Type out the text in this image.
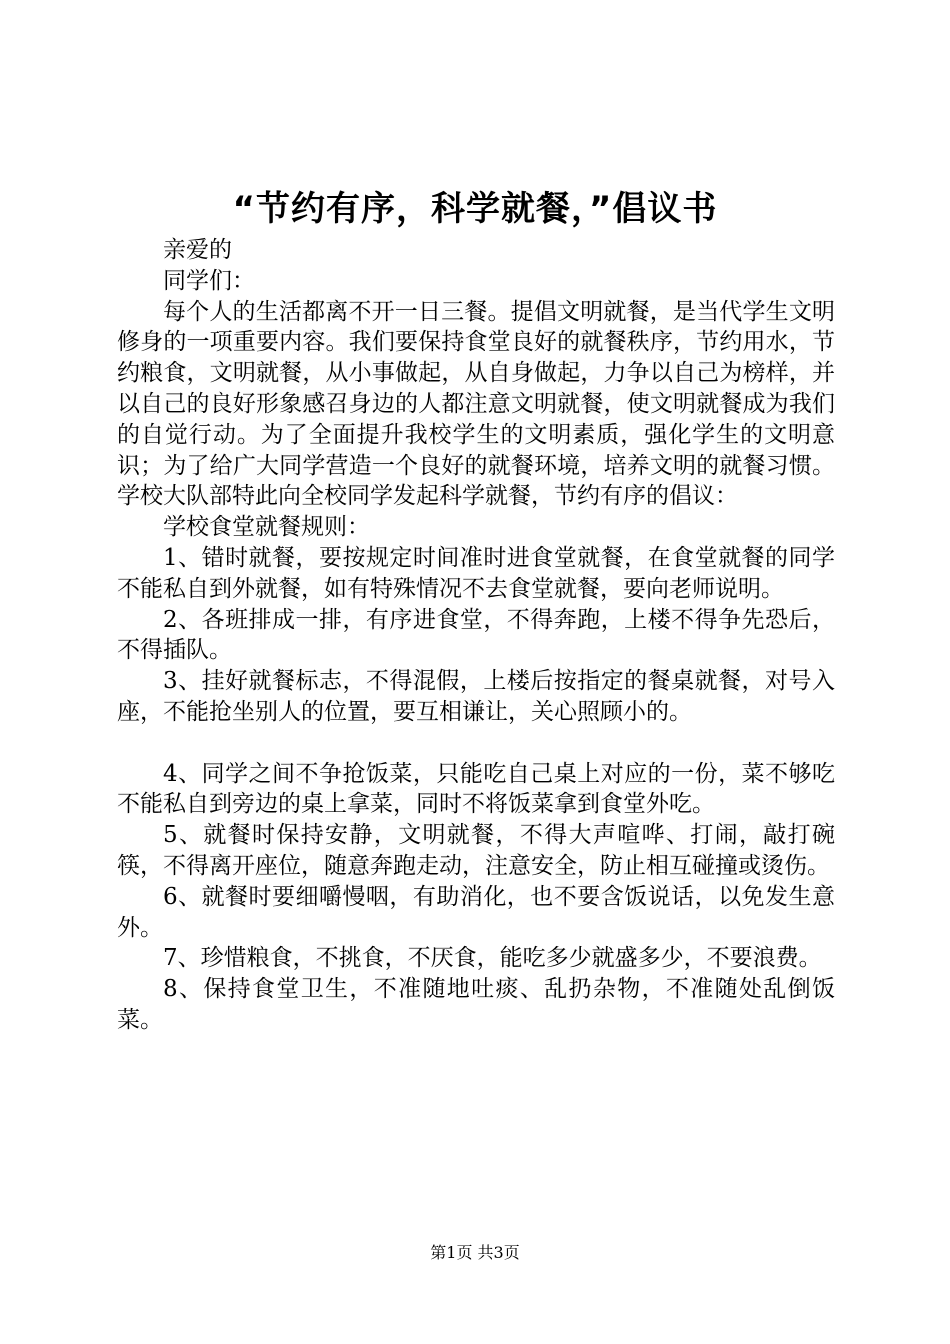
“节约有序，科学就餐，”倡议书

亲爱的

同学们：

每个人的生活都离不开一日三餐。提倡文明就餐，是当代学生文明修身的一项重要内容。我们要保持食堂良好的就餐秩序，节约用水，节约粮食，文明就餐，从小事做起，从自身做起，力争以自己为榜样，并以自己的良好形象感召身边的人都注意文明就餐，使文明就餐成为我们的自觉行动。为了全面提升我校学生的文明素质，强化学生的文明意识；为了给广大同学营造一个良好的就餐环境，培养文明的就餐习惯。学校大队部特此向全校同学发起科学就餐，节约有序的倡议：

学校食堂就餐规则：

1、错时就餐，要按规定时间准时进食堂就餐，在食堂就餐的同学不能私自到外就餐，如有特殊情况不去食堂就餐，要向老师说明。

2、各班排成一排，有序进食堂，不得奔跑，上楼不得争先恐后，不得插队。

3、挂好就餐标志，不得混假，上楼后按指定的餐桌就餐，对号入座，不能抢坐别人的位置，要互相谦让，关心照顾小的。

4、同学之间不争抢饭菜，只能吃自己桌上对应的一份，菜不够吃不能私自到旁边的桌上拿菜，同时不将饭菜拿到食堂外吃。

5、就餐时保持安静，文明就餐，不得大声喧哗、打闹，敲打碗筷，不得离开座位，随意奔跑走动，注意安全，防止相互碰撞或烫伤。

6、就餐时要细嚼慢咽，有助消化，也不要含饭说话，以免发生意外。

7、珍惜粮食，不挑食，不厌食，能吃多少就盛多少，不要浪费。

8、保持食堂卫生，不准随地吐痰、乱扔杂物，不准随处乱倒饭菜。

第1页 共3页
